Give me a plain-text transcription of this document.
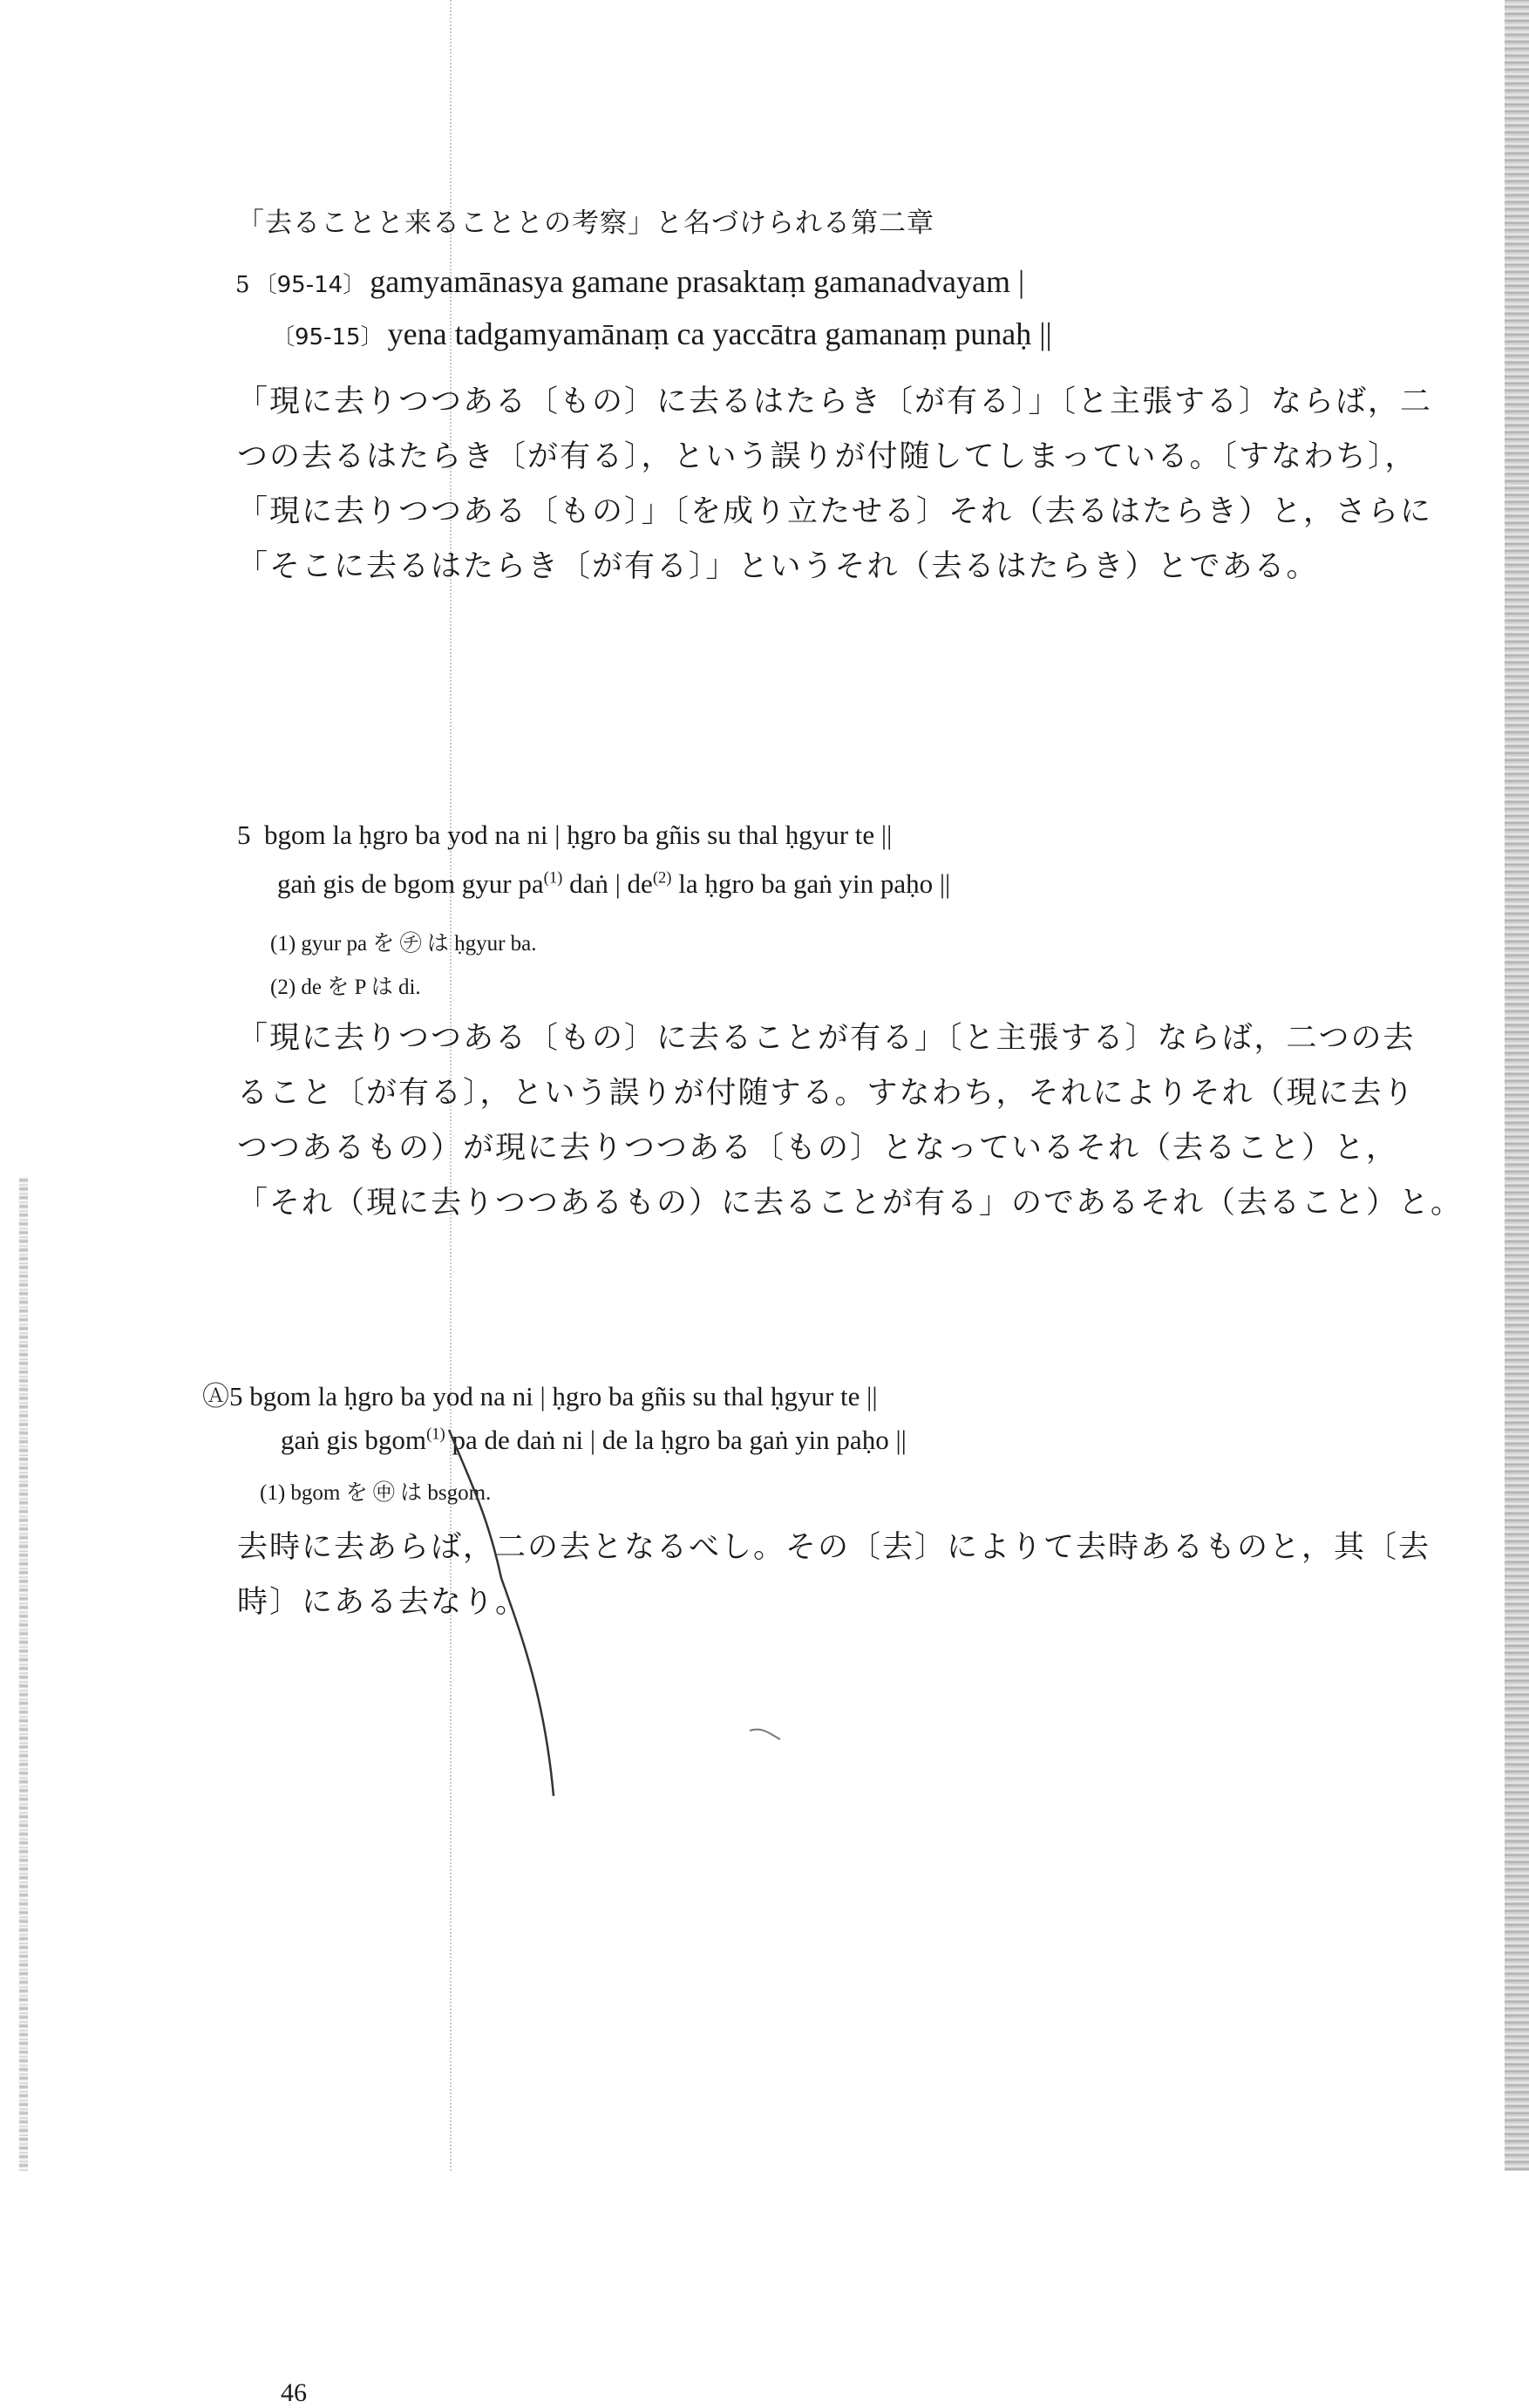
「去ることと来ることとの考察」と名づけられる第二章
5 〔95-14〕 gamyamānasya gamane prasaktaṃ gamanadvayam |
〔95-15〕 yena tadgamyamānaṃ ca yaccātra gamanaṃ punaḥ ||
「現に去りつつある〔もの〕に去るはたらき〔が有る〕」〔と主張する〕ならば，二
つの去るはたらき〔が有る〕，という誤りが付随してしまっている。〔すなわち〕，
「現に去りつつある〔もの〕」〔を成り立たせる〕それ（去るはたらき）と，さらに
「そこに去るはたらき〔が有る〕」というそれ（去るはたらき）とである。
5 bgom la ḥgro ba yod na ni | ḥgro ba gñis su thal ḥgyur te ||
gaṅ gis de bgom gyur $pa^{(1)}$ daṅ | $de^{(2)}$ la ḥgro ba gaṅ yin paḥo ||
(1) gyur pa を ㋠ は ḥgyur ba.
(2) de を P は di.
「現に去りつつある〔もの〕に去ることが有る」〔と主張する〕ならば，二つの去
ること〔が有る〕，という誤りが付随する。すなわち，それによりそれ（現に去り
つつあるもの）が現に去りつつある〔もの〕となっているそれ（去ること）と，
「それ（現に去りつつあるもの）に去ることが有る」のであるそれ（去ること）と。
Ⓐ5 bgom la ḥgro ba yod na ni | ḥgro ba gñis su thal ḥgyur te ||
gaṅ gis bgom$^{(1)}$ pa de daṅ ni | de la ḥgro ba gaṅ yin paḥo ||
(1) bgom を ㊥ は bsgom.
去時に去あらば，二の去となるべし。その〔去〕によりて去時あるものと，其〔去
時〕にある去なり。
46
